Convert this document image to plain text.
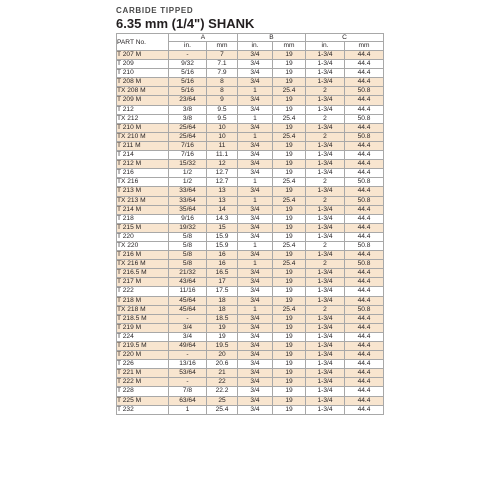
CARBIDE TIPPED
6.35 mm (1/4") SHANK
PART No.	A		B		C	
	in.	mm	in.	mm	in.	mm
T 207 M	-	7	3/4	19	1-3/4	44.4
T 209	9/32	7.1	3/4	19	1-3/4	44.4
T 210	5/16	7.9	3/4	19	1-3/4	44.4
T 208 M	5/16	8	3/4	19	1-3/4	44.4
TX 208 M	5/16	8	1	25.4	2	50.8
T 209 M	23/64	9	3/4	19	1-3/4	44.4
T 212	3/8	9.5	3/4	19	1-3/4	44.4
TX 212	3/8	9.5	1	25.4	2	50.8
T 210 M	25/64	10	3/4	19	1-3/4	44.4
TX 210 M	25/64	10	1	25.4	2	50.8
T 211 M	7/16	11	3/4	19	1-3/4	44.4
T 214	7/16	11.1	3/4	19	1-3/4	44.4
T 212 M	15/32	12	3/4	19	1-3/4	44.4
T 216	1/2	12.7	3/4	19	1-3/4	44.4
TX 216	1/2	12.7	1	25.4	2	50.8
T 213 M	33/64	13	3/4	19	1-3/4	44.4
TX 213 M	33/64	13	1	25.4	2	50.8
T 214 M	35/64	14	3/4	19	1-3/4	44.4
T 218	9/16	14.3	3/4	19	1-3/4	44.4
T 215 M	19/32	15	3/4	19	1-3/4	44.4
T 220	5/8	15.9	3/4	19	1-3/4	44.4
TX 220	5/8	15.9	1	25.4	2	50.8
T 216 M	5/8	16	3/4	19	1-3/4	44.4
TX 216 M	5/8	16	1	25.4	2	50.8
T 216.5 M	21/32	16.5	3/4	19	1-3/4	44.4
T 217 M	43/64	17	3/4	19	1-3/4	44.4
T 222	11/16	17.5	3/4	19	1-3/4	44.4
T 218 M	45/64	18	3/4	19	1-3/4	44.4
TX 218 M	45/64	18	1	25.4	2	50.8
T 218.5 M	-	18.5	3/4	19	1-3/4	44.4
T 219 M	3/4	19	3/4	19	1-3/4	44.4
T 224	3/4	19	3/4	19	1-3/4	44.4
T 219.5 M	49/64	19.5	3/4	19	1-3/4	44.4
T 220 M	-	20	3/4	19	1-3/4	44.4
T 226	13/16	20.6	3/4	19	1-3/4	44.4
T 221 M	53/64	21	3/4	19	1-3/4	44.4
T 222 M	-	22	3/4	19	1-3/4	44.4
T 228	7/8	22.2	3/4	19	1-3/4	44.4
T 225 M	63/64	25	3/4	19	1-3/4	44.4
T 232	1	25.4	3/4	19	1-3/4	44.4
